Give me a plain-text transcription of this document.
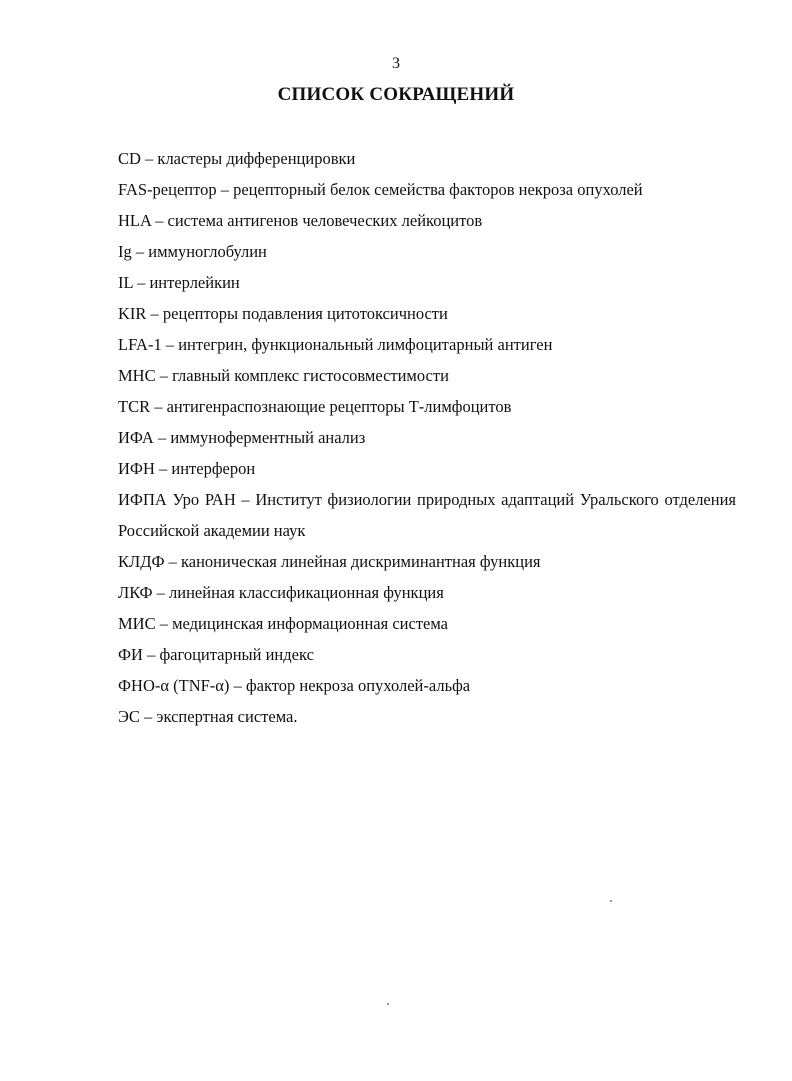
3
СПИСОК СОКРАЩЕНИЙ
CD – кластеры дифференцировки
FAS-рецептор – рецепторный белок семейства факторов некроза опухолей
HLA – система антигенов человеческих лейкоцитов
Ig – иммуноглобулин
IL – интерлейкин
KIR – рецепторы подавления цитотоксичности
LFA-1 – интегрин, функциональный лимфоцитарный антиген
MHC – главный комплекс гистосовместимости
TCR – антигенраспознающие рецепторы Т-лимфоцитов
ИФА – иммуноферментный анализ
ИФН – интерферон
ИФПА Уро РАН – Институт физиологии природных адаптаций Уральского отделения Российской академии наук
КЛДФ – каноническая линейная дискриминантная функция
ЛКФ – линейная классификационная функция
МИС – медицинская информационная система
ФИ – фагоцитарный индекс
ФНО-α (TNF-α) – фактор некроза опухолей-альфа
ЭС – экспертная система.
